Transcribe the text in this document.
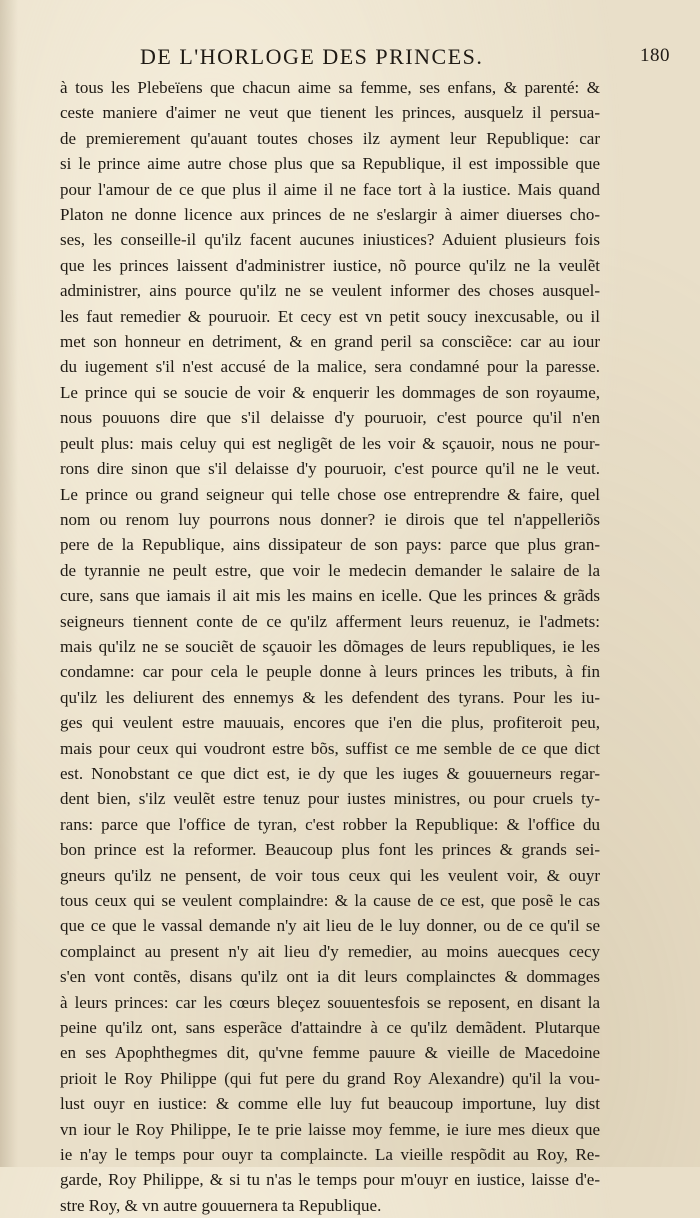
DE L'HORLOGE DES PRINCES.	180
à tous les Plebeïens que chacun aime sa femme, ses enfans, & parenté: &
ceste maniere d'aimer ne veut que tienent les princes, ausquelz il persua-
de premierement qu'auant toutes choses ilz ayment leur Republique: car
si le prince aime autre chose plus que sa Republique, il est impossible que
pour l'amour de ce que plus il aime il ne face tort à la iustice. Mais quand
Platon ne donne licence aux princes de ne s'eslargir à aimer diuerses cho-
ses, les conseille-il qu'ilz facent aucunes iniustices? Aduient plusieurs fois
que les princes laissent d'administrer iustice, nõ pource qu'ilz ne la veulẽt
administrer, ains pource qu'ilz ne se veulent informer des choses ausquel-
les faut remedier & pouruoir. Et cecy est vn petit soucy inexcusable, ou il
met son honneur en detriment, & en grand peril sa consciẽce: car au iour
du iugement s'il n'est accusé de la malice, sera condamné pour la paresse.
Le prince qui se soucie de voir & enquerir les dommages de son royaume,
nous pouuons dire que s'il delaisse d'y pouruoir, c'est pource qu'il n'en
peult plus: mais celuy qui est negligẽt de les voir & sçauoir, nous ne pour-
rons dire sinon que s'il delaisse d'y pouruoir, c'est pource qu'il ne le veut.
Le prince ou grand seigneur qui telle chose ose entreprendre & faire, quel
nom ou renom luy pourrons nous donner? ie dirois que tel n'appelleriõs
pere de la Republique, ains dissipateur de son pays: parce que plus gran-
de tyrannie ne peult estre, que voir le medecin demander le salaire de la
cure, sans que iamais il ait mis les mains en icelle. Que les princes & grãds
seigneurs tiennent conte de ce qu'ilz afferment leurs reuenuz, ie l'admets:
mais qu'ilz ne se souciẽt de sçauoir les dõmages de leurs republiques, ie les
condamne: car pour cela le peuple donne à leurs princes les tributs, à fin
qu'ilz les deliurent des ennemys & les defendent des tyrans. Pour les iu-
ges qui veulent estre mauuais, encores que i'en die plus, profiteroit peu,
mais pour ceux qui voudront estre bõs, suffist ce me semble de ce que dict
est. Nonobstant ce que dict est, ie dy que les iuges & gouuerneurs regar-
dent bien, s'ilz veulẽt estre tenuz pour iustes ministres, ou pour cruels ty-
rans: parce que l'office de tyran, c'est robber la Republique: & l'office du
bon prince est la reformer. Beaucoup plus font les princes & grands sei-
gneurs qu'ilz ne pensent, de voir tous ceux qui les veulent voir, & ouyr
tous ceux qui se veulent complaindre: & la cause de ce est, que posẽ le cas
que ce que le vassal demande n'y ait lieu de le luy donner, ou de ce qu'il se
complainct au present n'y ait lieu d'y remedier, au moins auecques cecy
s'en vont contẽs, disans qu'ilz ont ia dit leurs complainctes & dommages
à leurs princes: car les cœurs bleçez souuentesfois se reposent, en disant la
peine qu'ilz ont, sans esperãce d'attaindre à ce qu'ilz demãdent. Plutarque
en ses Apophthegmes dit, qu'vne femme pauure & vieille de Macedoine
prioit le Roy Philippe (qui fut pere du grand Roy Alexandre) qu'il la vou-
lust ouyr en iustice: & comme elle luy fut beaucoup importune, luy dist
vn iour le Roy Philippe, Ie te prie laisse moy femme, ie iure mes dieux que
ie n'ay le temps pour ouyr ta complaincte. La vieille respõdit au Roy, Re-
garde, Roy Philippe, & si tu n'as le temps pour m'ouyr en iustice, laisse d'e-
stre Roy, & vn autre gouuernera ta Republique.
